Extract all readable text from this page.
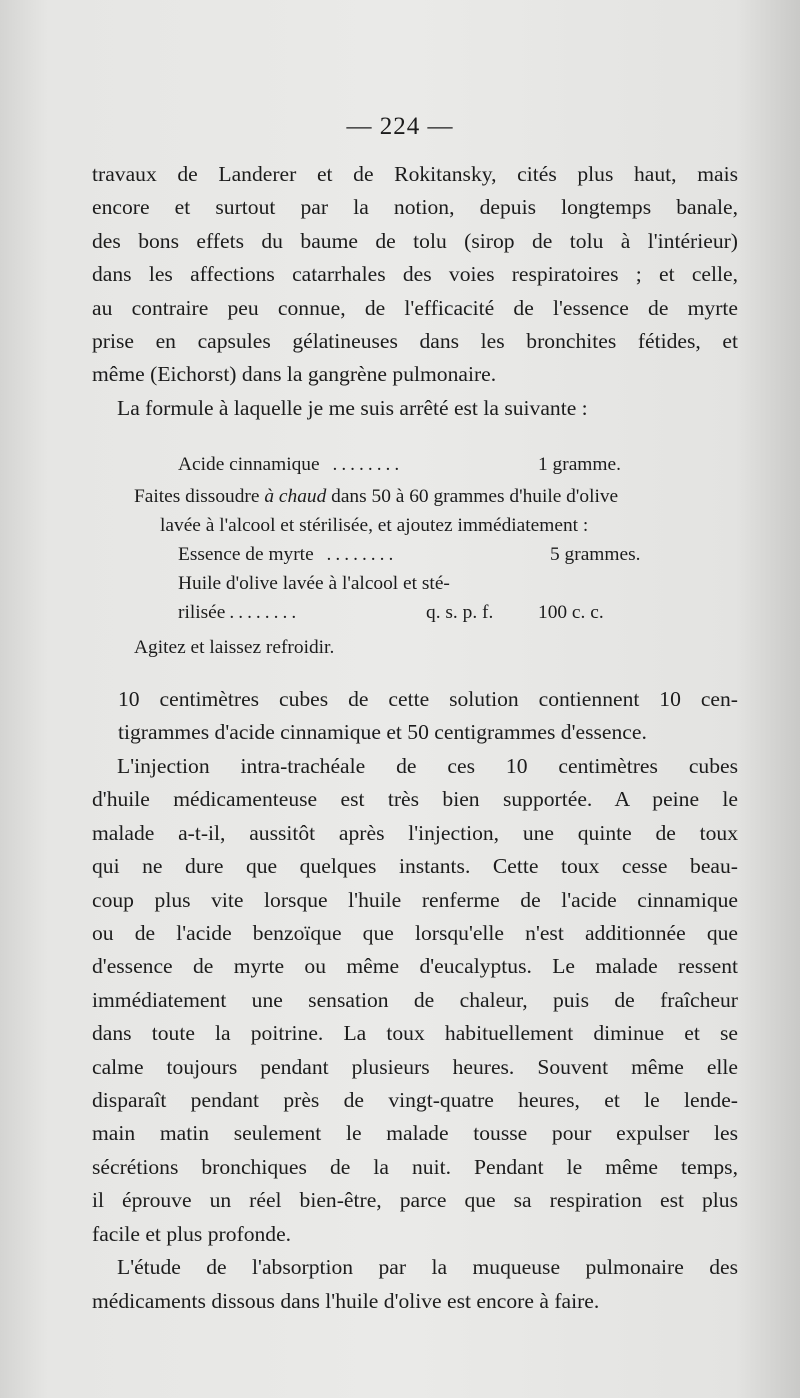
— 224 —
travaux de Landerer et de Rokitansky, cités plus haut, mais
encore et surtout par la notion, depuis longtemps banale,
des bons effets du baume de tolu (sirop de tolu à l'intérieur)
dans les affections catarrhales des voies respiratoires ; et celle,
au contraire peu connue, de l'efficacité de l'essence de myrte
prise en capsules gélatineuses dans les bronchites fétides, et
même (Eichorst) dans la gangrène pulmonaire.
La formule à laquelle je me suis arrêté est la suivante :
Acide cinnamique ........	1 gramme.
Faites dissoudre à chaud dans 50 à 60 grammes d'huile d'olive
lavée à l'alcool et stérilisée, et ajoutez immédiatement :
Essence de myrte ........	5 grammes.
Huile d'olive lavée à l'alcool et sté-
rilisée ........	q. s. p. f. 100 c. c.
Agitez et laissez refroidir.
10 centimètres cubes de cette solution contiennent 10 cen-
tigrammes d'acide cinnamique et 50 centigrammes d'essence.
L'injection intra-trachéale de ces 10 centimètres cubes
d'huile médicamenteuse est très bien supportée. A peine le
malade a-t-il, aussitôt après l'injection, une quinte de toux
qui ne dure que quelques instants. Cette toux cesse beau-
coup plus vite lorsque l'huile renferme de l'acide cinnamique
ou de l'acide benzoïque que lorsqu'elle n'est additionnée que
d'essence de myrte ou même d'eucalyptus. Le malade ressent
immédiatement une sensation de chaleur, puis de fraîcheur
dans toute la poitrine. La toux habituellement diminue et se
calme toujours pendant plusieurs heures. Souvent même elle
disparaît pendant près de vingt-quatre heures, et le lende-
main matin seulement le malade tousse pour expulser les
sécrétions bronchiques de la nuit. Pendant le même temps,
il éprouve un réel bien-être, parce que sa respiration est plus
facile et plus profonde.
L'étude de l'absorption par la muqueuse pulmonaire des
médicaments dissous dans l'huile d'olive est encore à faire.
